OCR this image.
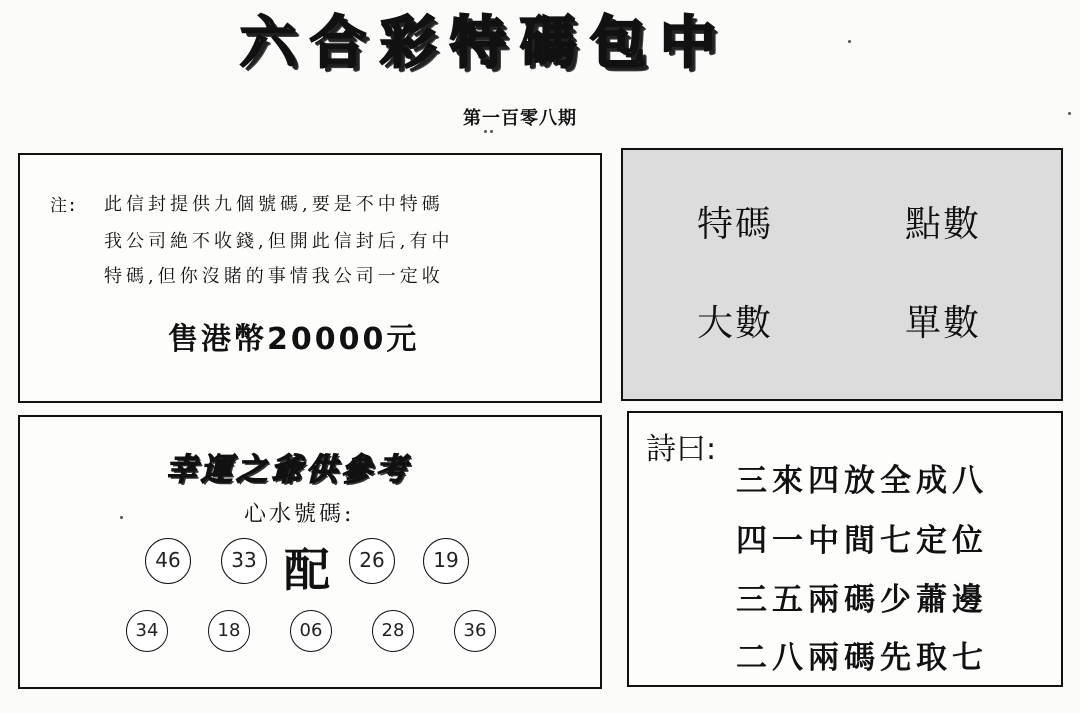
六合彩特碼包中
第一百零八期
注: 此信封提供九個號碼,要是不中特碼
我公司絶不收錢,但開此信封后,有中
特碼,但你沒賭的事情我公司一定收
售港幣20000元
特碼	點數
大數	單數
幸運之爺供參考
心水號碼:
46	33 配	26	19
34	18	06	28	36
詩曰:
三來四放全成八
四一中間七定位
三五兩碼少蕭邊
二八兩碼先取七
